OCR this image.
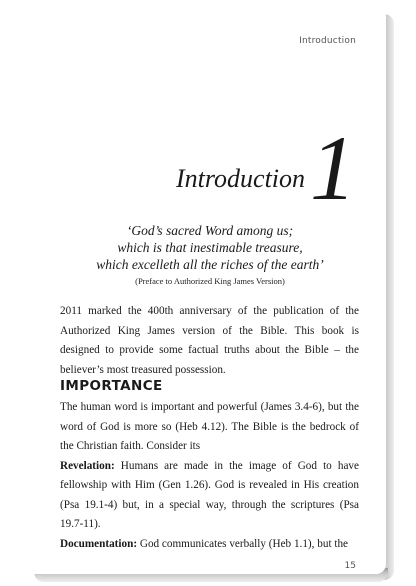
Introduction
Introduction 1
‘God’s sacred Word among us;
which is that inestimable treasure,
which excelleth all the riches of the earth’
(Preface to Authorized King James Version)

2011 marked the 400th anniversary of the publication of the Authorized King James version of the Bible. This book is designed to provide some factual truths about the Bible – the believer’s most treasured possession.

IMPORTANCE

The human word is important and powerful (James 3.4-6), but the word of God is more so (Heb 4.12). The Bible is the bedrock of the Christian faith. Consider its

Revelation: Humans are made in the image of God to have fellowship with Him (Gen 1.26). God is revealed in His creation (Psa 19.1-4) but, in a special way, through the scriptures (Psa 19.7-11).

Documentation: God communicates verbally (Heb 1.1), but the

15
